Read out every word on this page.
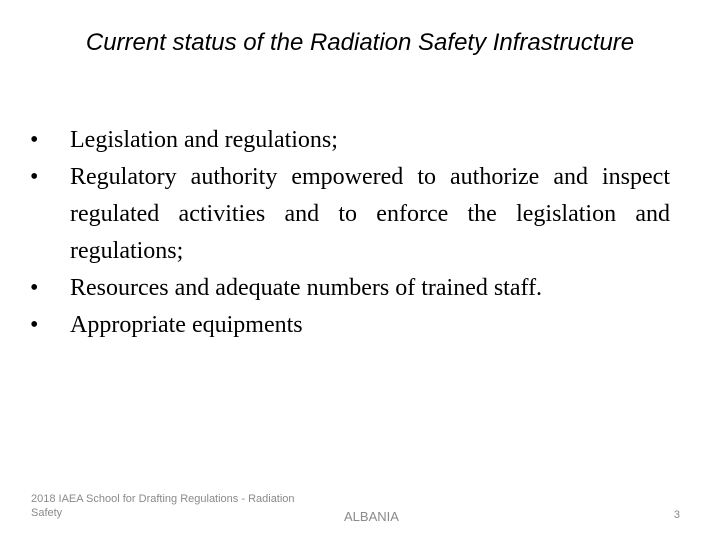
Current status of the Radiation Safety Infrastructure
•	Legislation and regulations;
•	Regulatory authority empowered to authorize and inspect regulated activities and to enforce the legislation and regulations;
•	Resources and adequate numbers of trained staff.
•	Appropriate equipments
2018 IAEA School for Drafting Regulations - Radiation Safety	ALBANIA	3
